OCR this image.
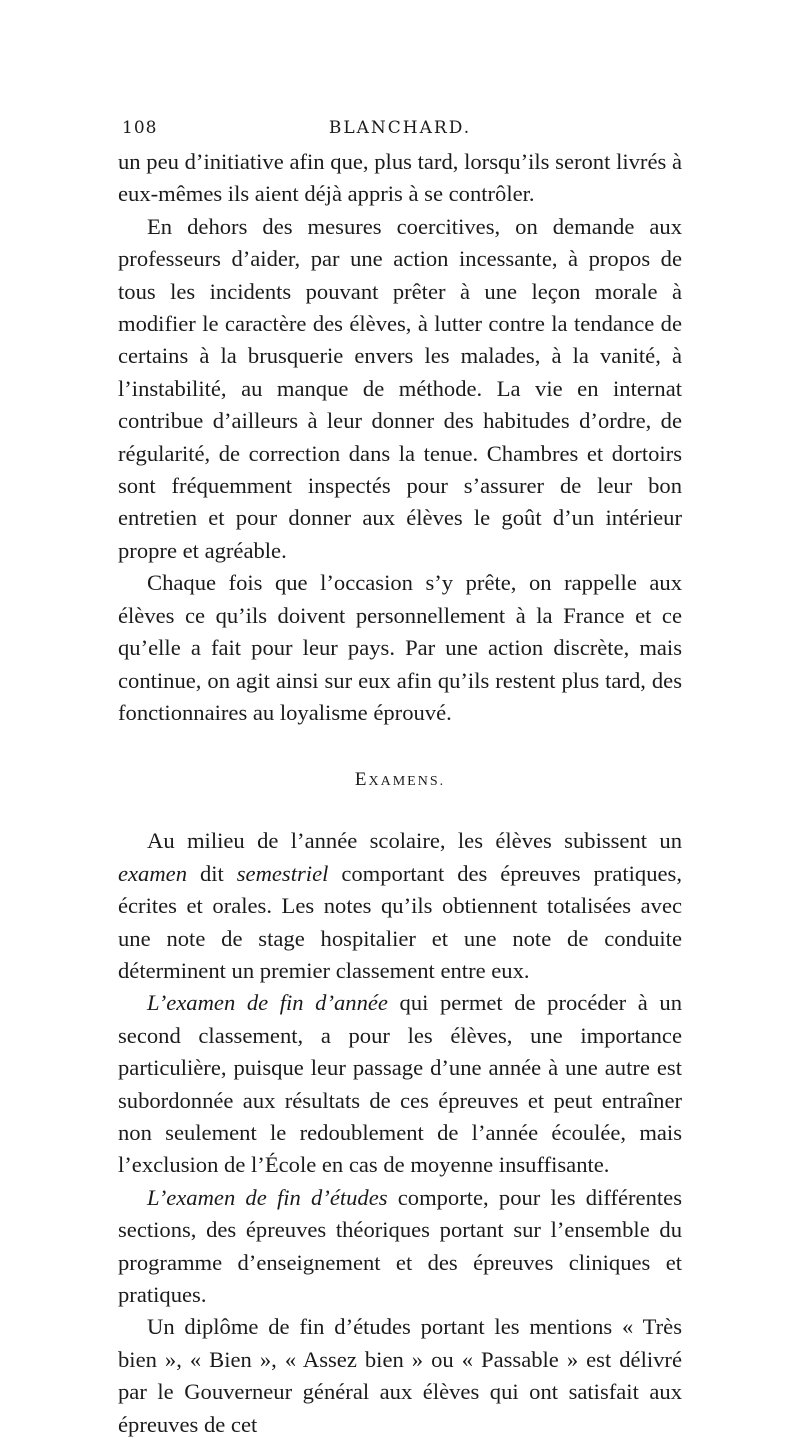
108	BLANCHARD.

un peu d’initiative afin que, plus tard, lorsqu’ils seront livrés à eux-mêmes ils aient déjà appris à se contrôler.

En dehors des mesures coercitives, on demande aux professeurs d’aider, par une action incessante, à propos de tous les incidents pouvant prêter à une leçon morale à modifier le caractère des élèves, à lutter contre la tendance de certains à la brusquerie envers les malades, à la vanité, à l’instabilité, au manque de méthode. La vie en internat contribue d’ailleurs à leur donner des habitudes d’ordre, de régularité, de correction dans la tenue. Chambres et dortoirs sont fréquemment inspectés pour s’assurer de leur bon entretien et pour donner aux élèves le goût d’un intérieur propre et agréable.

Chaque fois que l’occasion s’y prête, on rappelle aux élèves ce qu’ils doivent personnellement à la France et ce qu’elle a fait pour leur pays. Par une action discrète, mais continue, on agit ainsi sur eux afin qu’ils restent plus tard, des fonctionnaires au loyalisme éprouvé.

EXAMENS.

Au milieu de l’année scolaire, les élèves subissent un examen dit semestriel comportant des épreuves pratiques, écrites et orales. Les notes qu’ils obtiennent totalisées avec une note de stage hospitalier et une note de conduite déterminent un premier classement entre eux.

L’examen de fin d’année qui permet de procéder à un second classement, a pour les élèves, une importance particulière, puisque leur passage d’une année à une autre est subordonnée aux résultats de ces épreuves et peut entraîner non seulement le redoublement de l’année écoulée, mais l’exclusion de l’École en cas de moyenne insuffisante.

L’examen de fin d’études comporte, pour les différentes sections, des épreuves théoriques portant sur l’ensemble du programme d’enseignement et des épreuves cliniques et pratiques.

Un diplôme de fin d’études portant les mentions « Très bien », « Bien », « Assez bien » ou « Passable » est délivré par le Gouverneur général aux élèves qui ont satisfait aux épreuves de cet
